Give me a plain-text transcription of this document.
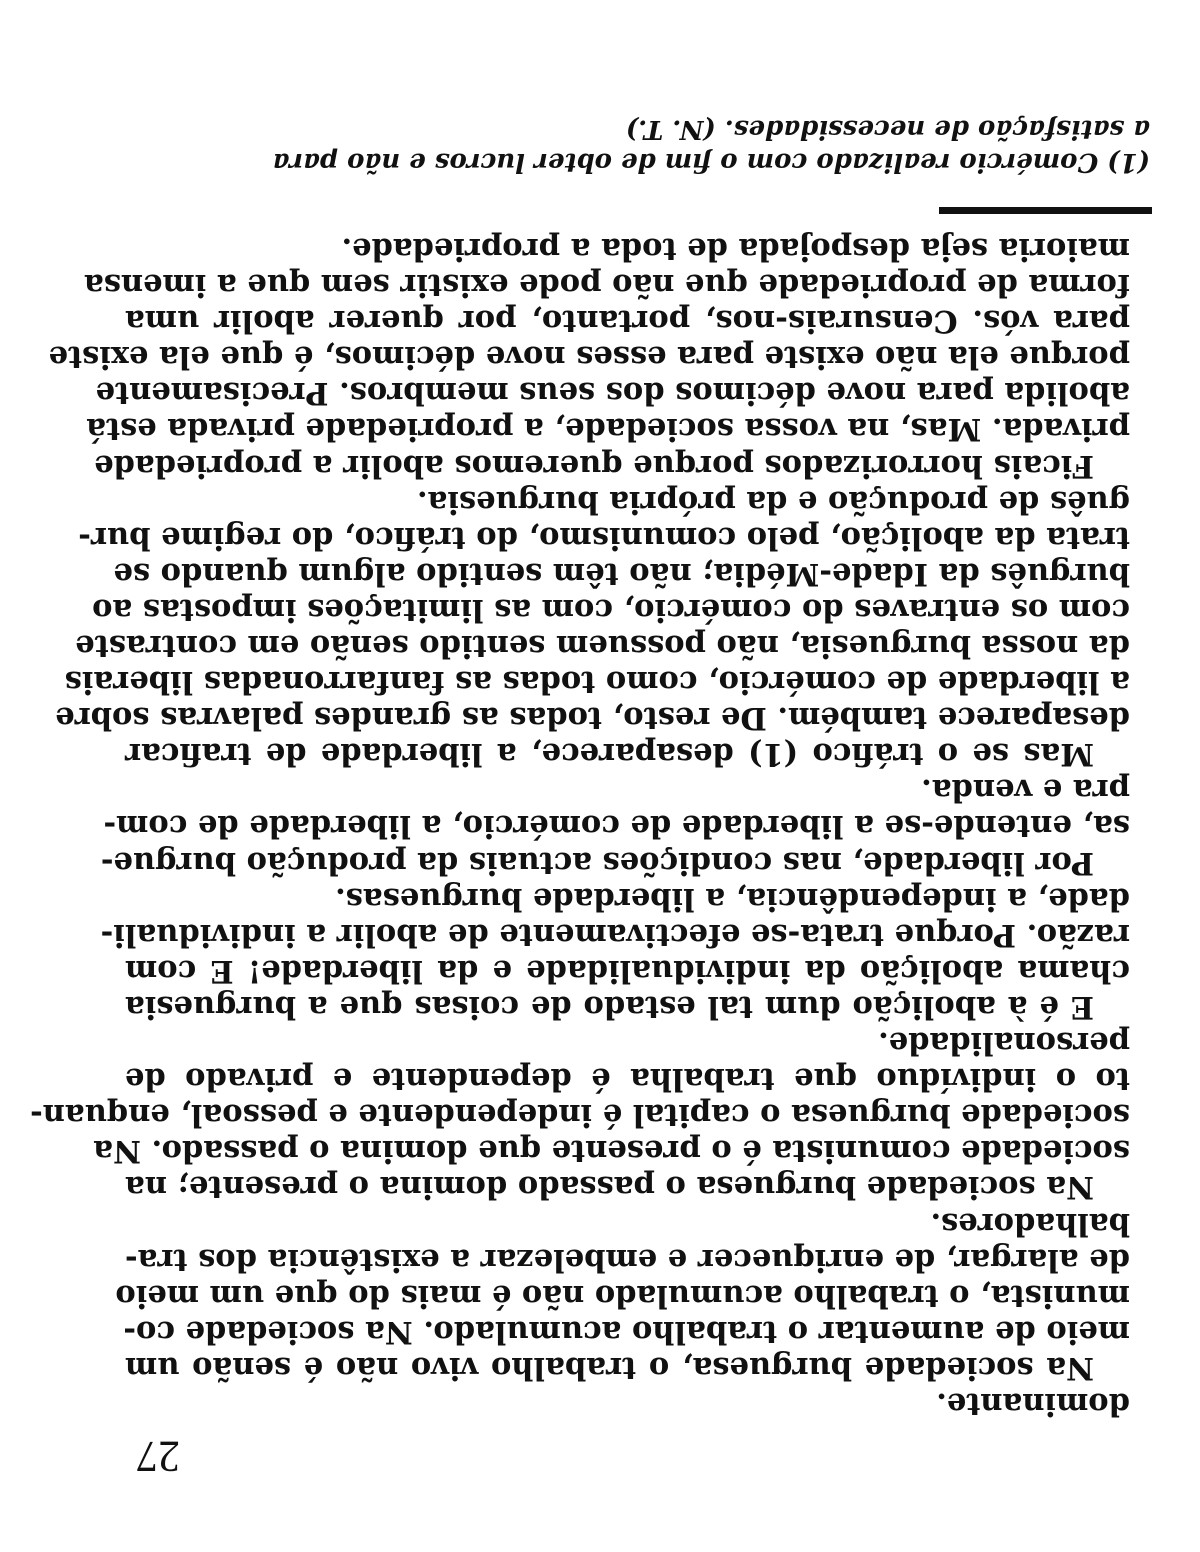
27
dominante.
Na sociedade burguesa, o trabalho vivo não é senão um
meio de aumentar o trabalho acumulado. Na sociedade co-
munista, o trabalho acumulado não é mais do que um meio
de alargar, de enriquecer e embelezar a existência dos tra-
balhadores.
Na sociedade burguesa o passado domina o presente; na
sociedade comunista é o presente que domina o passado. Na
sociedade burguesa o capital é independente e pessoal, enquan-
to o indivíduo que trabalha é dependente e privado de
personalidade.
E é à abolição dum tal estado de coisas que a burguesia
chama abolição da individualidade e da liberdade! E com
razão. Porque trata-se efectivamente de abolir a individuali-
dade, a independência, a liberdade burguesas.
Por liberdade, nas condições actuais da produção burgue-
sa, entende-se a liberdade de comércio, a liberdade de com-
pra e venda.
Mas se o tráfico (1) desaparece, a liberdade de traficar
desaparece também. De resto, todas as grandes palavras sobre
a liberdade de comércio, como todas as fanfarronadas liberais
da nossa burguesia, não possuem sentido senão em contraste
com os entraves do comércio, com as limitações impostas ao
burguês da Idade-Média; não têm sentido algum quando se
trata da abolição, pelo comunismo, do tráfico, do regime bur-
guês de produção e da própria burguesia.
Ficais horrorizados porque queremos abolir a propriedade
privada. Mas, na vossa sociedade, a propriedade privada está
abolida para nove décimos dos seus membros. Precisamente
porque ela não existe para esses nove décimos, é que ela existe
para vós. Censurais-nos, portanto, por querer abolir uma
forma de propriedade que não pode existir sem que a imensa
maioria seja despojada de toda a propriedade.
(1) Comércio realizado com o fim de obter lucros e não para
a satisfação de necessidades. (N. T.)
